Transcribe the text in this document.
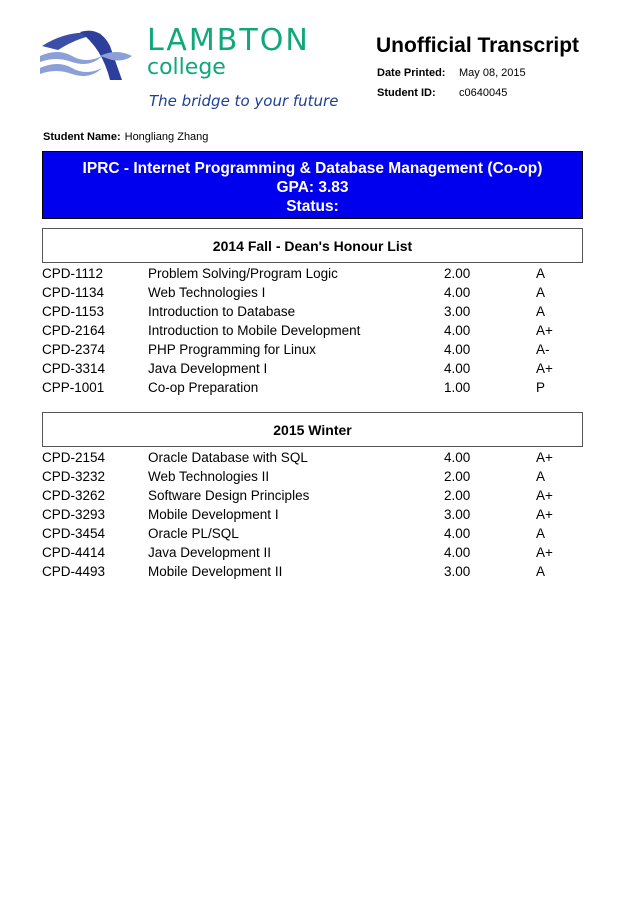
LAMBTON
college
The bridge to your future
Unofficial Transcript
Date Printed: May 08, 2015
Student ID: c0640045
Student Name: Hongliang Zhang
IPRC - Internet Programming & Database Management (Co-op)
GPA: 3.83
Status:
2014 Fall - Dean's Honour List
CPD-1112	Problem Solving/Program Logic	2.00	A
CPD-1134	Web Technologies I	4.00	A
CPD-1153	Introduction to Database	3.00	A
CPD-2164	Introduction to Mobile Development	4.00	A+
CPD-2374	PHP Programming for Linux	4.00	A-
CPD-3314	Java Development I	4.00	A+
CPP-1001	Co-op Preparation	1.00	P
2015 Winter
CPD-2154	Oracle Database with SQL	4.00	A+
CPD-3232	Web Technologies II	2.00	A
CPD-3262	Software Design Principles	2.00	A+
CPD-3293	Mobile Development I	3.00	A+
CPD-3454	Oracle PL/SQL	4.00	A
CPD-4414	Java Development II	4.00	A+
CPD-4493	Mobile Development II	3.00	A
